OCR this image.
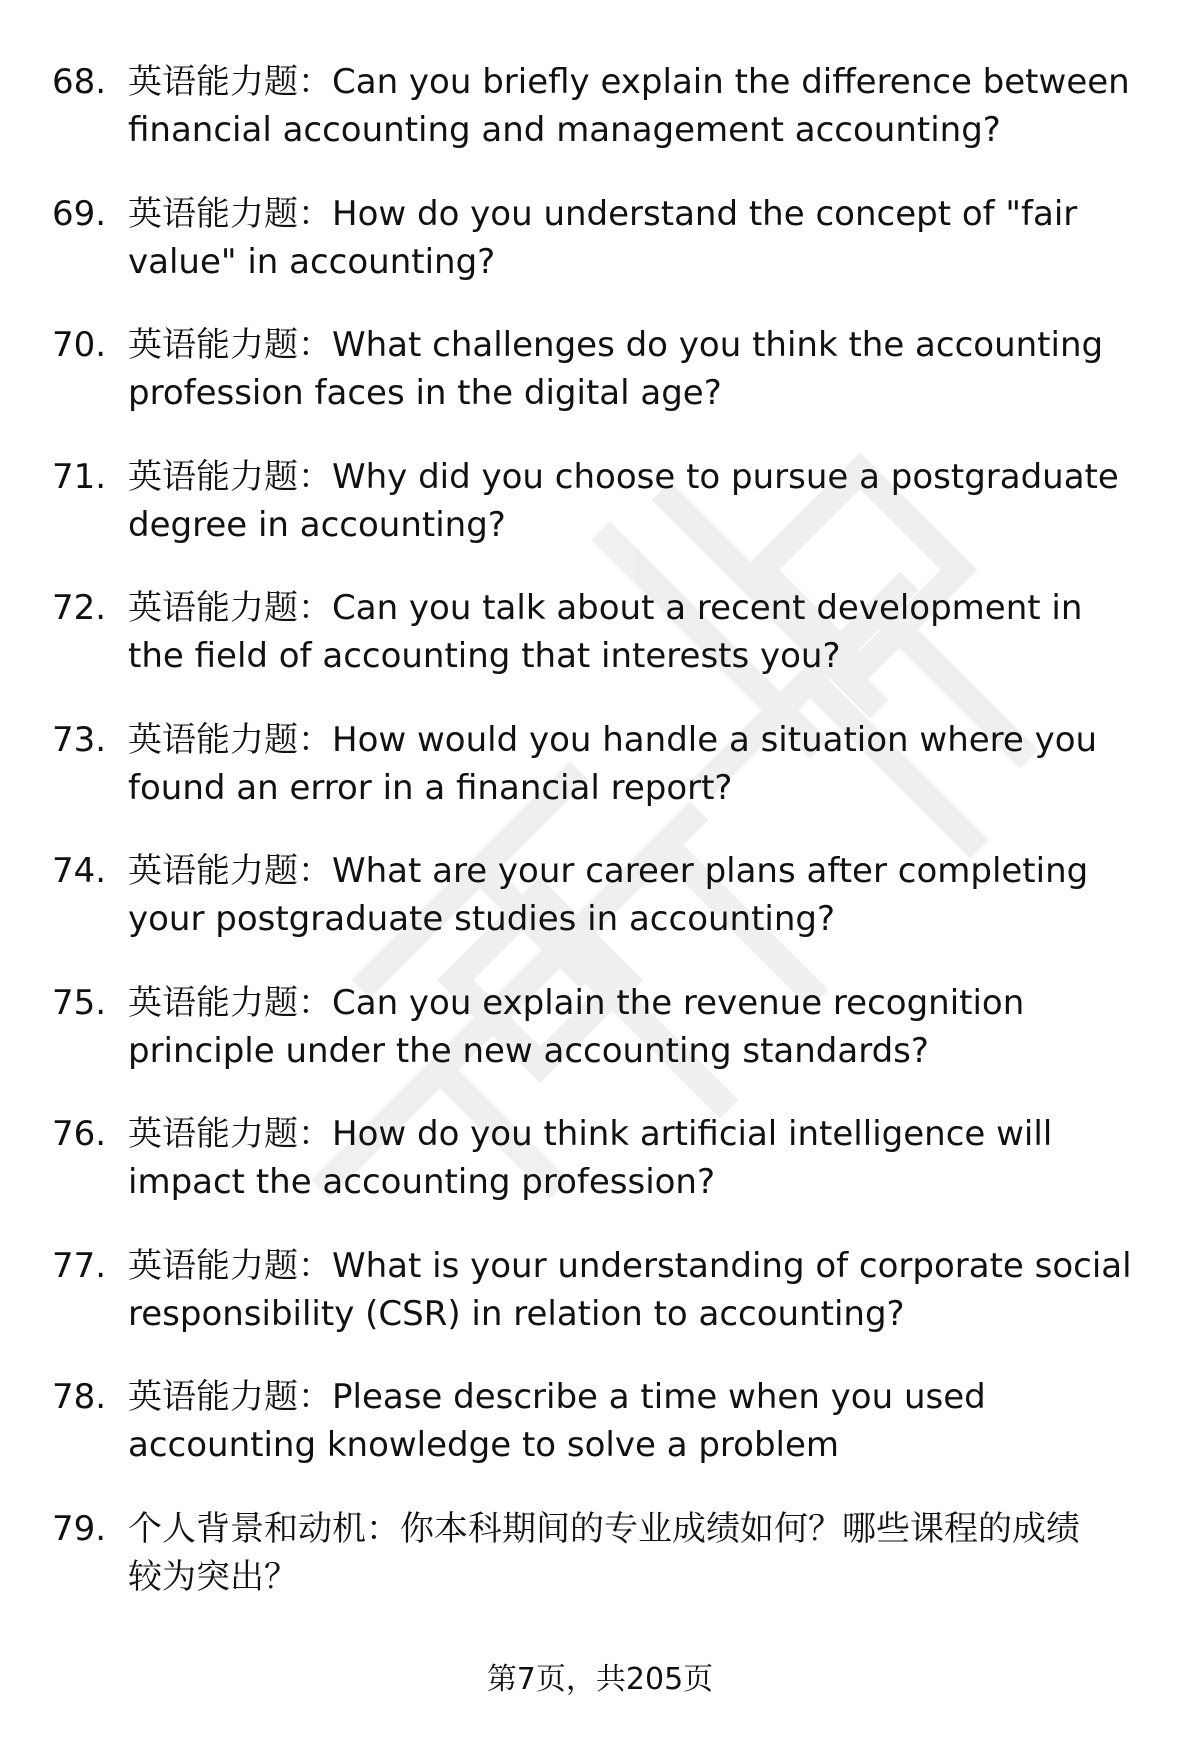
68. 英语能力题：Can you briefly explain the difference between
financial accounting and management accounting?
69. 英语能力题：How do you understand the concept of "fair
value" in accounting?
70. 英语能力题：What challenges do you think the accounting
profession faces in the digital age?
71. 英语能力题：Why did you choose to pursue a postgraduate
degree in accounting?
72. 英语能力题：Can you talk about a recent development in
the field of accounting that interests you?
73. 英语能力题：How would you handle a situation where you
found an error in a financial report?
74. 英语能力题：What are your career plans after completing
your postgraduate studies in accounting?
75. 英语能力题：Can you explain the revenue recognition
principle under the new accounting standards?
76. 英语能力题：How do you think artificial intelligence will
impact the accounting profession?
77. 英语能力题：What is your understanding of corporate social
responsibility (CSR) in relation to accounting?
78. 英语能力题：Please describe a time when you used
accounting knowledge to solve a problem
79. 个人背景和动机：你本科期间的专业成绩如何？哪些课程的成绩
较为突出？
第7页，共205页
